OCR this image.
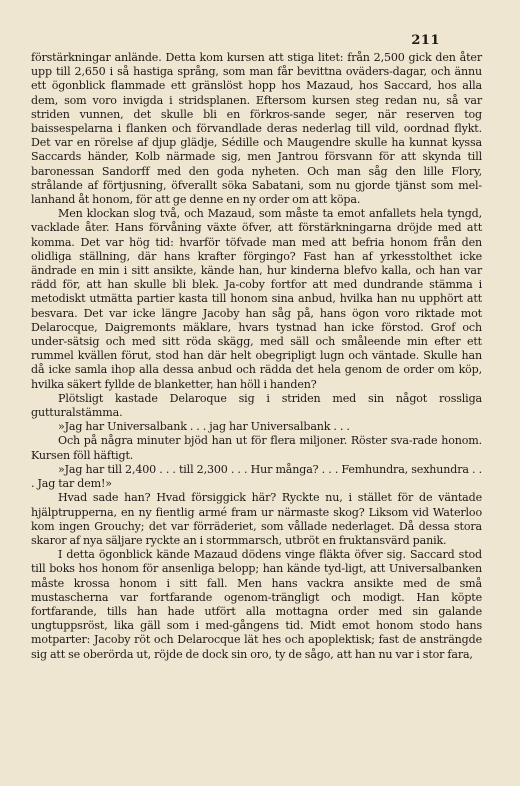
211

förstärkningar anlände. Detta kom kursen att stiga litet: från 2,500 gick den åter upp till 2,650 i så hastiga språng, som man får bevittna oväders-dagar, och ännu ett ögonblick flammade ett gränslöst hopp hos Mazaud, hos Saccard, hos alla dem, som voro invigda i stridsplanen. Eftersom kursen steg redan nu, så var striden vunnen, det skulle bli en förkros-sande seger, när reserven tog baissespelarna i flanken och förvandlade deras nederlag till vild, oordnad flykt. Det var en rörelse af djup glädje, Sédille och Maugendre skulle ha kunnat kyssa Saccards händer, Kolb närmade sig, men Jantrou försvann för att skynda till baronessan Sandorff med den goda nyheten. Och man såg den lille Flory, strålande af förtjusning, öfverallt söka Sabatani, som nu gjorde tjänst som mel-lanhand åt honom, för att ge denne en ny order om att köpa.

Men klockan slog två, och Mazaud, som måste ta emot anfallets hela tyngd, vacklade åter. Hans förvåning växte öfver, att förstärkningarna dröjde med att komma. Det var hög tid: hvarför töfvade man med att befria honom från den olidliga ställning, där hans krafter förgingo? Fast han af yrkesstolthet icke ändrade en min i sitt ansikte, kände han, hur kinderna blefvo kalla, och han var rädd för, att han skulle bli blek. Ja-coby fortfor att med dundrande stämma i metodiskt utmätta partier kasta till honom sina anbud, hvilka han nu upphört att besvara. Det var icke längre Jacoby han såg på, hans ögon voro riktade mot Delarocque, Daigremonts mäklare, hvars tystnad han icke förstod. Grof och under-sätsig och med sitt röda skägg, med säll och småleende min efter ett rummel kvällen förut, stod han där helt obegripligt lugn och väntade. Skulle han då icke samla ihop alla dessa anbud och rädda det hela genom de order om köp, hvilka säkert fyllde de blanketter, han höll i handen?

Plötsligt kastade Delaroque sig i striden med sin något rossliga gutturalstämma.

»Jag har Universalbank . . . jag har Universalbank . . .

Och på några minuter bjöd han ut för flera miljoner. Röster sva-rade honom. Kursen föll häftigt.

»Jag har till 2,400 . . . till 2,300 . . . Hur många? . . . Femhundra, sexhundra . . . Jag tar dem!»

Hvad sade han? Hvad försiggick här? Ryckte nu, i stället för de väntade hjälptrupperna, en ny fientlig armé fram ur närmaste skog? Liksom vid Waterloo kom ingen Grouchy; det var förräderiet, som vållade nederlaget. Då dessa stora skaror af nya säljare ryckte an i stormmarsch, utbröt en fruktansvärd panik.

I detta ögonblick kände Mazaud dödens vinge fläkta öfver sig. Saccard stod till boks hos honom för ansenliga belopp; han kände tyd-ligt, att Universalbanken måste krossa honom i sitt fall. Men hans vackra ansikte med de små mustascherna var fortfarande ogenom-trängligt och modigt. Han köpte fortfarande, tills han hade utfört alla mottagna order med sin galande ungtuppsröst, lika gäll som i med-gångens tid. Midt emot honom stodo hans motparter: Jacoby röt och Delarocque lät hes och apoplektisk; fast de ansträngde sig att se oberörda ut, röjde de dock sin oro, ty de sågo, att han nu var i stor fara,
